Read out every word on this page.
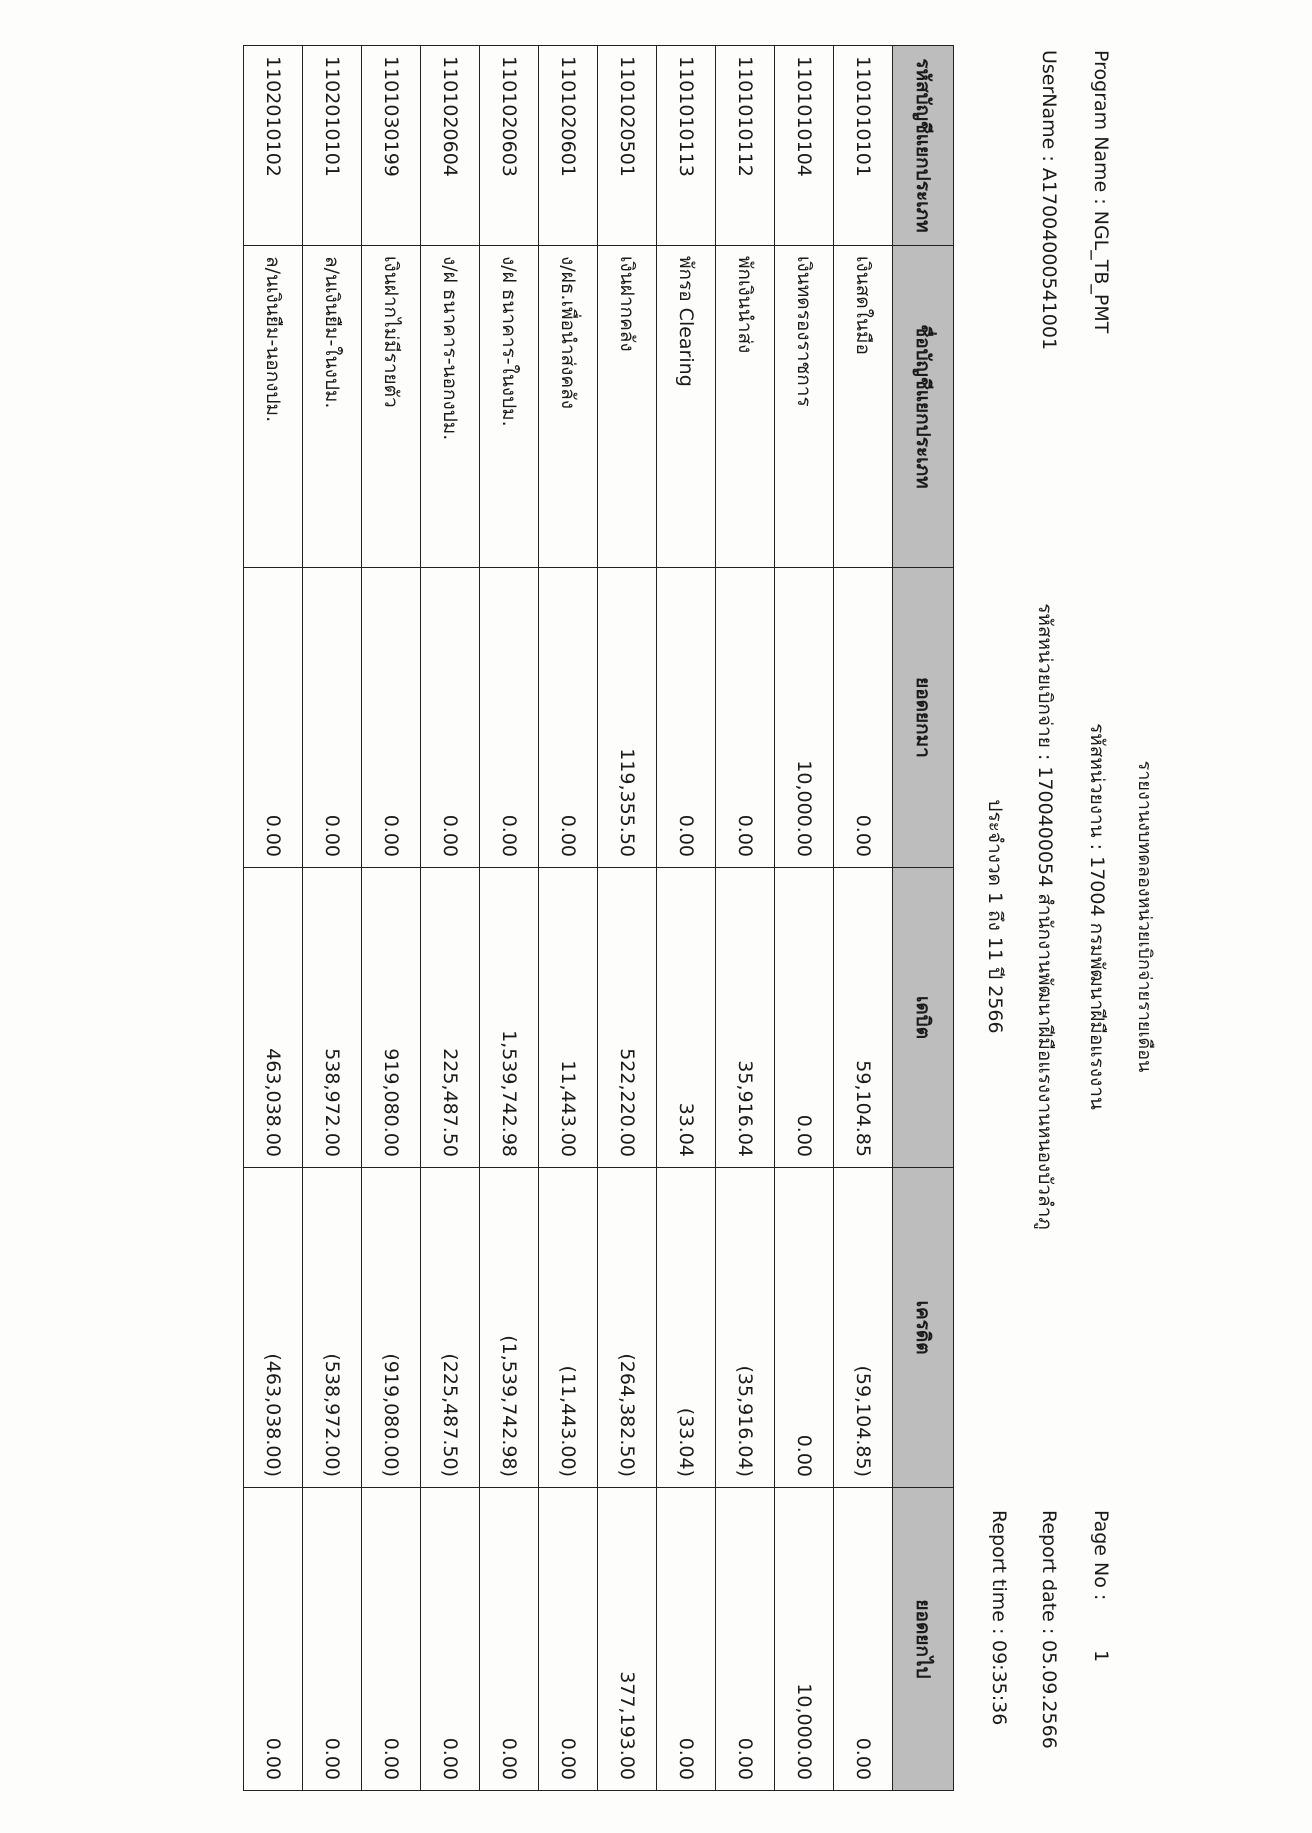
Program Name : NGL_TB_PMT
UserName : A1700400054100​1
รายงานงบทดลองหน่วยเบิกจ่ายรายเดือน
รหัสหน่วยงาน : 17004 กรมพัฒนาฝีมือแรงงาน
รหัสหน่วยเบิกจ่าย : 1700400054 สำนักงานพัฒนาฝีมือแรงงานหนองบัวลำภู
ประจำงวด 1 ถึง 11 ปี 2566
Page No :
1
Report date :
05.09.2566
Report time :
09:35:36
รหัสบัญชีแยกประเภท	ชื่อบัญชีแยกประเภท	ยอดยกมา	เดบิต	เครดิต	ยอดยกไป
1101010101	เงินสดในมือ	0.00	59,104.85	(59,104.85)	0.00
1101010104	เงินทดรองราชการ	10,000.00	0.00	0.00	10,000.00
1101010112	พักเงินนำส่ง	0.00	35,916.04	(35,916.04)	0.00
1101010113	พักรอ Clearing	0.00	33.04	(33.04)	0.00
1101020501	เงินฝากคลัง	119,355.50	522,220.00	(264,382.50)	377,193.00
1101020601	ง/ฝธ.เพื่อนำส่งคลัง	0.00	11,443.00	(11,443.00)	0.00
1101020603	ง/ฝ ธนาคาร-ในงปม.	0.00	1,539,742.98	(1,539,742.98)	0.00
1101020604	ง/ฝ ธนาคาร-นอกงปม.	0.00	225,487.50	(225,487.50)	0.00
1101030199	เงินฝากไม่มีรายตัว	0.00	919,080.00	(919,080.00)	0.00
1102010101	ล/นเงินยืม-ในงปม.	0.00	538,972.00	(538,972.00)	0.00
1102010102	ล/นเงินยืม-นอกงปม.	0.00	463,038.00	(463,038.00)	0.00
